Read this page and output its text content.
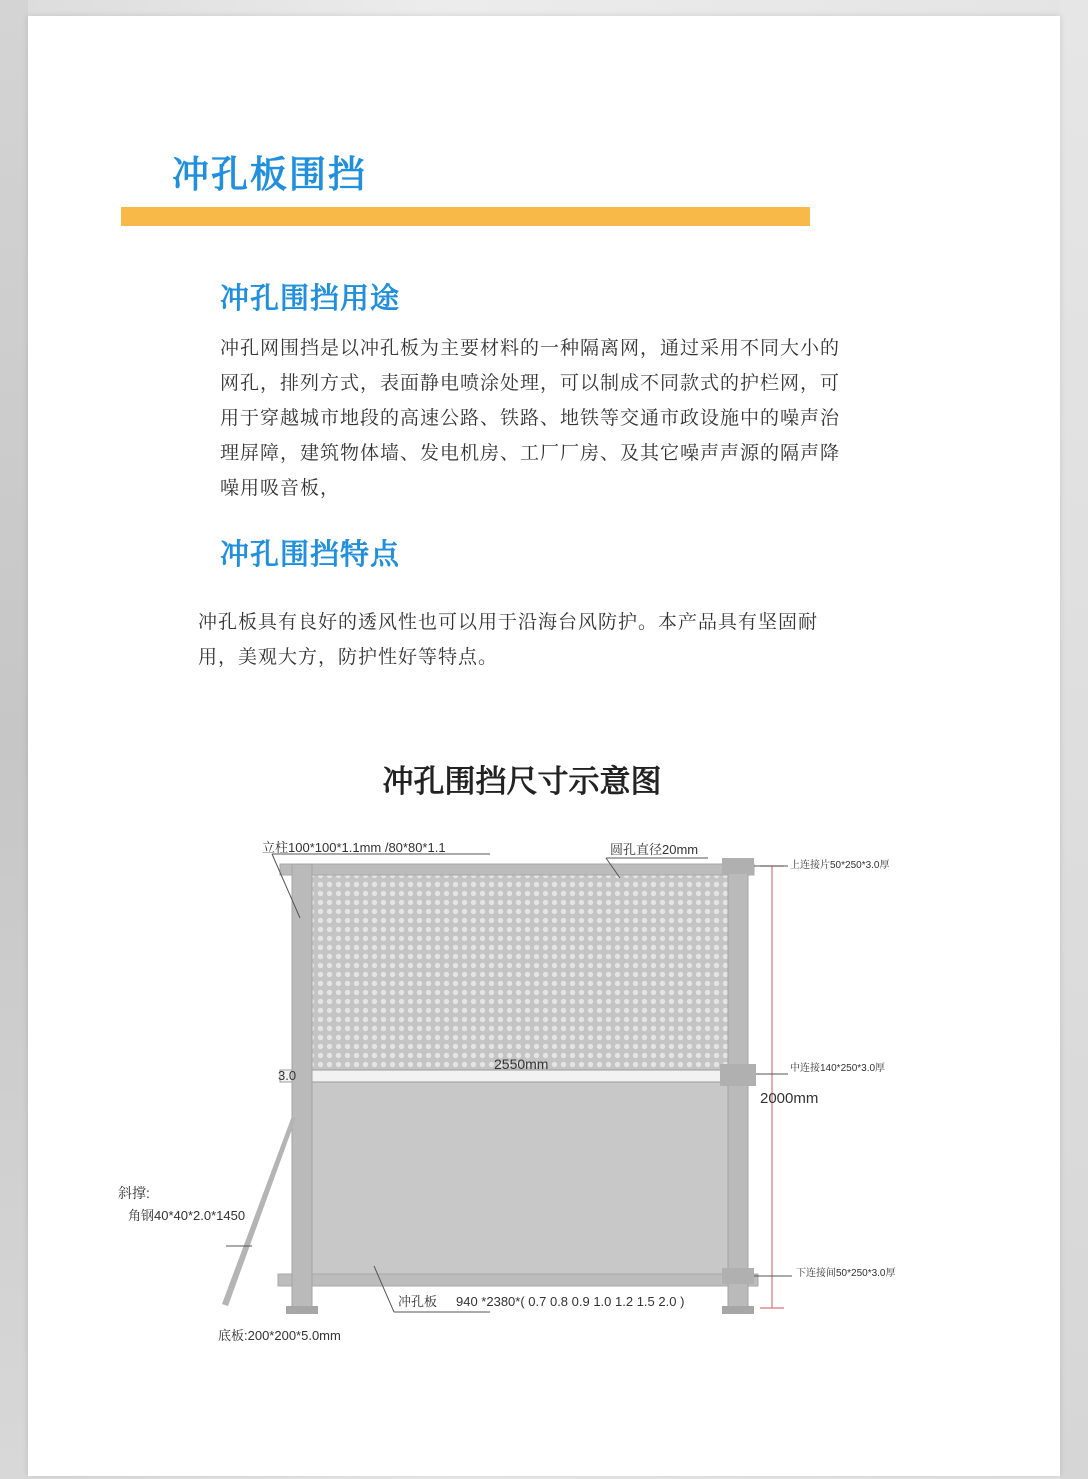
冲孔板围挡
冲孔围挡用途

冲孔网围挡是以冲孔板为主要材料的一种隔离网，通过采用不同大小的网孔，排列方式，表面静电喷涂处理，可以制成不同款式的护栏网，可用于穿越城市地段的高速公路、铁路、地铁等交通市政设施中的噪声治理屏障，建筑物体墙、发电机房、工厂厂房、及其它噪声声源的隔声降噪用吸音板，

冲孔围挡特点

冲孔板具有良好的透风性也可以用于沿海台风防护。本产品具有坚固耐用，美观大方，防护性好等特点。

冲孔围挡尺寸示意图
立柱100*100*1.1mm /80*80*1.1	圆孔直径20mm
上连接片50*250*3.0厚
2550mm
3.0	中连接140*250*3.0厚
2000mm
斜撑:
角钢40*40*2.0*1450
下连接间50*250*3.0厚
冲孔板 940 *2380*( 0.7 0.8 0.9 1.0 1.2 1.5 2.0 )
底板:200*200*5.0mm
